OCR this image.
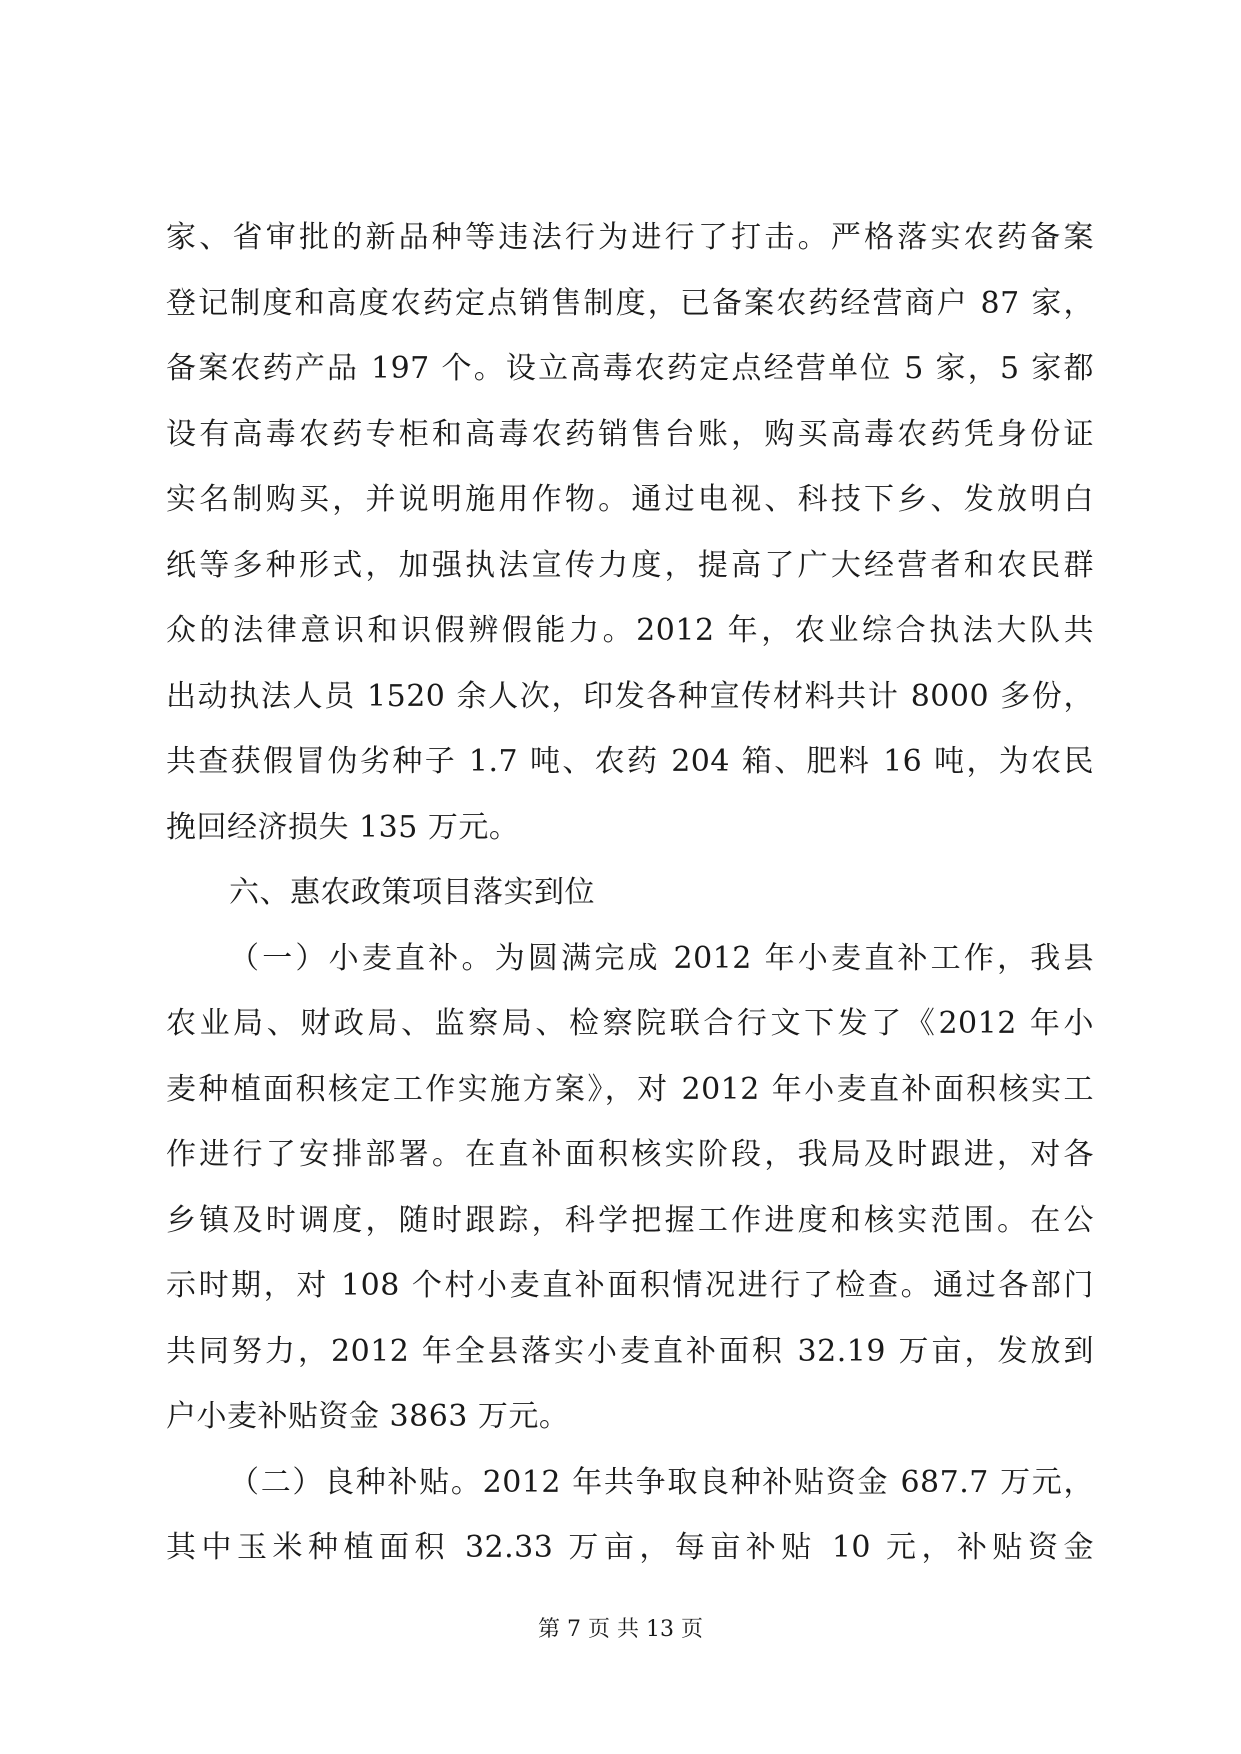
家、省审批的新品种等违法行为进行了打击。严格落实农药备案
登记制度和高度农药定点销售制度，已备案农药经营商户 87 家，
备案农药产品 197 个。设立高毒农药定点经营单位 5 家，5 家都
设有高毒农药专柜和高毒农药销售台账，购买高毒农药凭身份证
实名制购买，并说明施用作物。通过电视、科技下乡、发放明白
纸等多种形式，加强执法宣传力度，提高了广大经营者和农民群
众的法律意识和识假辨假能力。2012 年，农业综合执法大队共
出动执法人员 1520 余人次，印发各种宣传材料共计 8000 多份，
共查获假冒伪劣种子 1.7 吨、农药 204 箱、肥料 16 吨，为农民
挽回经济损失 135 万元。
六、惠农政策项目落实到位
（一）小麦直补。为圆满完成 2012 年小麦直补工作，我县
农业局、财政局、监察局、检察院联合行文下发了《2012 年小
麦种植面积核定工作实施方案》，对 2012 年小麦直补面积核实工
作进行了安排部署。在直补面积核实阶段，我局及时跟进，对各
乡镇及时调度，随时跟踪，科学把握工作进度和核实范围。在公
示时期，对 108 个村小麦直补面积情况进行了检查。通过各部门
共同努力，2012 年全县落实小麦直补面积 32.19 万亩，发放到
户小麦补贴资金 3863 万元。
（二）良种补贴。2012 年共争取良种补贴资金 687.7 万元，
其中玉米种植面积 32.33 万亩，每亩补贴 10 元，补贴资金
第 7 页 共 13 页
